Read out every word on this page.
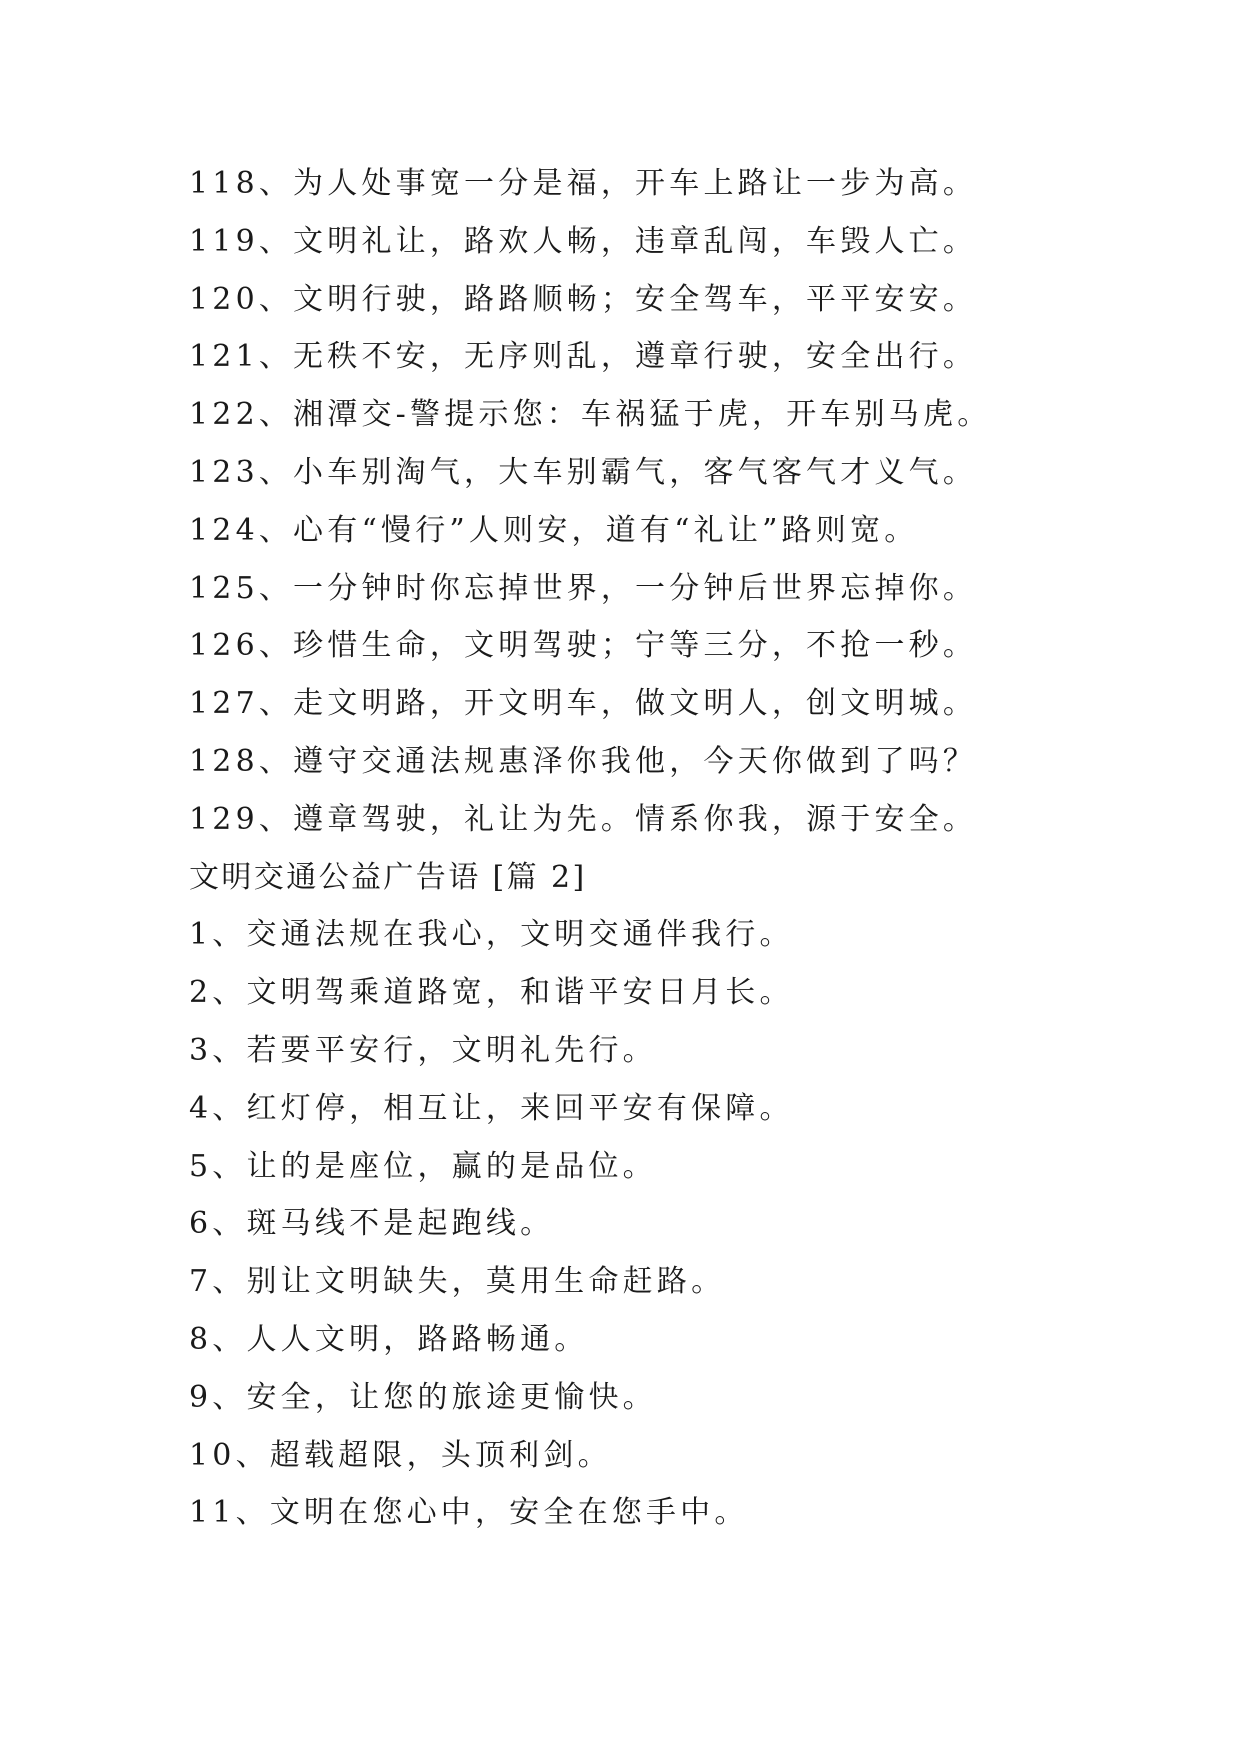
118、为人处事宽一分是福，开车上路让一步为高。
119、文明礼让，路欢人畅，违章乱闯，车毁人亡。
120、文明行驶，路路顺畅；安全驾车，平平安安。
121、无秩不安，无序则乱，遵章行驶，安全出行。
122、湘潭交-警提示您：车祸猛于虎，开车别马虎。
123、小车别淘气，大车别霸气，客气客气才义气。
124、心有“慢行”人则安，道有“礼让”路则宽。
125、一分钟时你忘掉世界，一分钟后世界忘掉你。
126、珍惜生命，文明驾驶；宁等三分，不抢一秒。
127、走文明路，开文明车，做文明人，创文明城。
128、遵守交通法规惠泽你我他，今天你做到了吗？
129、遵章驾驶，礼让为先。情系你我，源于安全。
文明交通公益广告语 [篇 2]
1、交通法规在我心，文明交通伴我行。
2、文明驾乘道路宽，和谐平安日月长。
3、若要平安行，文明礼先行。
4、红灯停，相互让，来回平安有保障。
5、让的是座位，赢的是品位。
6、斑马线不是起跑线。
7、别让文明缺失，莫用生命赶路。
8、人人文明，路路畅通。
9、安全，让您的旅途更愉快。
10、超载超限，头顶利剑。
11、文明在您心中，安全在您手中。
